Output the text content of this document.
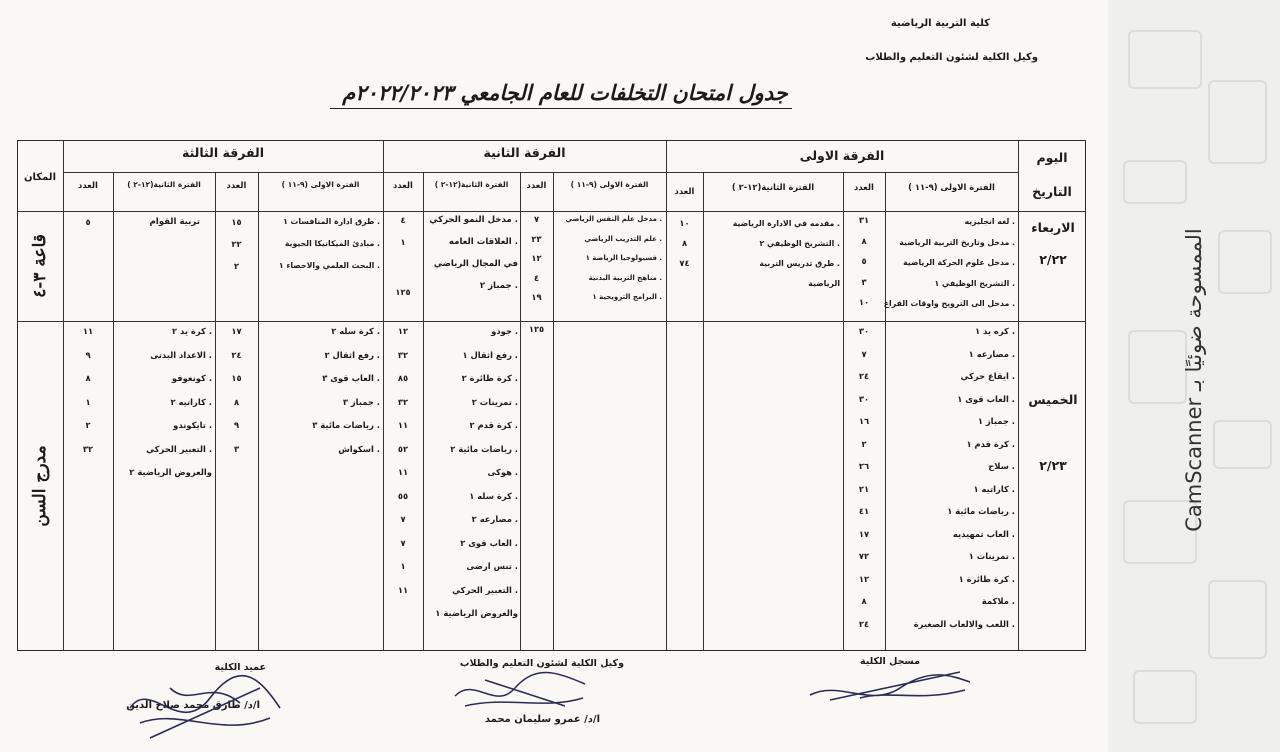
كلية التربية الرياضية
وكيل الكلية لشئون التعليم والطلاب
جدول امتحان التخلفات للعام الجامعي ٢٠٢٢/٢٠٢٣م
اليوم
التاريخ
المكان
الفرقة الاولى
الفرقة الثانية
الفرقة الثالثة
الفترة الاولى (٩-١١ )
العدد
الفترة الثانية(١٢-٢ )
العدد
الفترة الاولى (٩-١١ )
العدد
الفترة الثانية(١٢-٢ )
العدد
الفترة الاولى (٩-١١ )
العدد
الفترة الثانية(١٢-٢ )
العدد
الاربعاء
٢/٢٢
قاعة ٣-٤
الخميس
٢/٢٣
مدرج السن
. لغه انجليزيه
. مدخل وتاريخ التربية الرياضية
. مدخل علوم الحركة الرياضية
. التشريح الوظيفي ١
. مدخل الى الترويح واوقات الفراغ
٣١
٨
٥
٣
١٠
. مقدمه في الادارة الرياضية
. التشريح الوظيفي ٢
. طرق تدريس التربية
الرياضية
١٠
٨
٧٤
. مدخل علم النفس الرياضي
. علم التدريب الرياضي
. فسيولوجيا الرياضة ١
. مناهج التربية البدنية
. البرامج الترويحية ١
٧
٢٣
١٢
٤
١٩
. مدخل النمو الحركي
. العلاقات العامه
في المجال الرياضي
. جمباز ٢
٤
١
١٢٥
. طرق ادارة المنافسات ١
. مبادئ الميكانيكا الحيوية
. البحث العلمي والاحصاء ١
١٥
٢٢
٢
تربية القوام
٥
. كره يد ١
. مصارعه ١
. ايقاع حركي
. العاب قوى ١
. جمباز ١
. كرة قدم ١
. سلاح
. كاراتيه ١
. رياضات مائية ١
. العاب تمهيديه
. تمرينات ١
. كرة طائرة ١
. ملاكمة
. اللعب والالعاب الصغيرة
٣٠
٧
٢٤
٣٠
١٦
٢
٢٦
٢١
٤١
١٧
٧٢
١٢
٨
٢٤
١٢٥
. جودو
. رفع اثقال ١
. كرة طائرة ٢
. تمرينات ٢
. كرة قدم ٢
. رياضات مائية ٢
. هوكى
. كرة سله ١
. مصارعه ٢
. العاب قوى ٢
. تنس ارضى
. التعبير الحركي
والعروض الرياضية ١
١٢
٣٢
٨٥
٣٢
١١
٥٢
١١
٥٥
٧
٧
١
١١
. كرة سله ٢
. رفع اثقال ٢
. العاب قوى ٣
. جمباز ٣
. رياضات مائية ٣
. اسكواش
١٧
٢٤
١٥
٨
٩
٣
. كرة يد ٢
. الاعداد البدنى
. كونغوفو
. كاراتيه ٢
. تايكوندو
. التعبير الحركي
والعروض الرياضية ٢
١١
٩
٨
١
٢
٣٢
مسجل الكلية
وكيل الكلية لشئون التعليم والطلاب
ا/د/ عمرو سليمان محمد
عميد الكلية
ا/د/ طارق محمد صلاح الدين
الممسوحة ضوئيًا بـ CamScanner
